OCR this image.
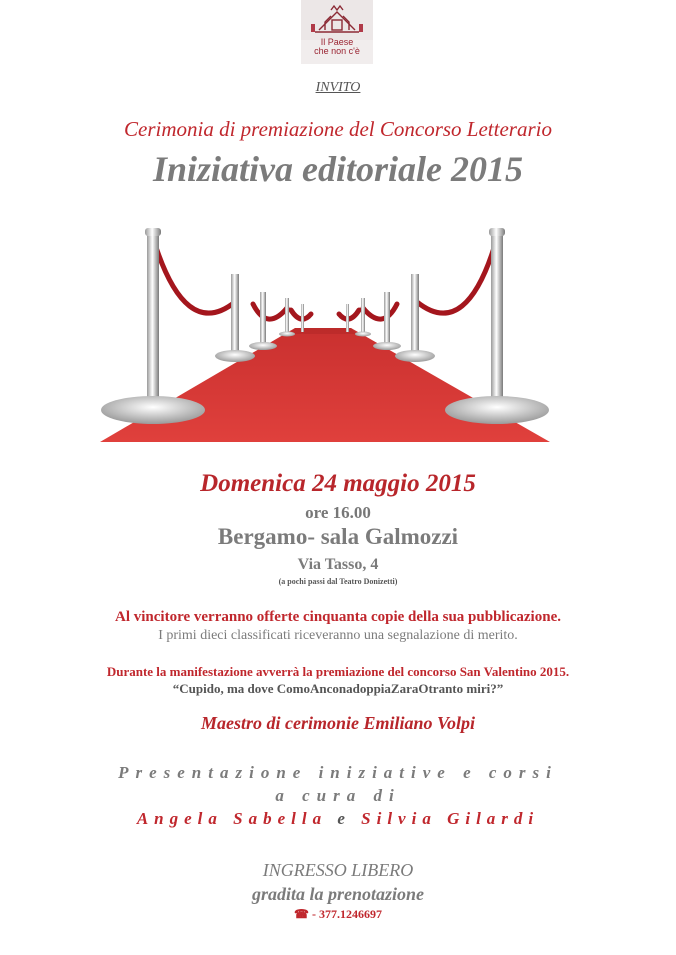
Il Paese
che non c'è
INVITO
Cerimonia di premiazione del Concorso Letterario
Iniziativa editoriale 2015
Domenica 24 maggio 2015
ore 16.00
Bergamo- sala Galmozzi
Via Tasso, 4
(a pochi passi dal Teatro Donizetti)
Al vincitore verranno offerte cinquanta copie della sua pubblicazione.
I primi dieci classificati riceveranno una segnalazione di merito.
Durante la manifestazione avverrà la premiazione del concorso San Valentino 2015.
“Cupido, ma dove ComoAnconadoppiaZaraOtranto miri?”
Maestro di cerimonie Emiliano Volpi
Presentazione iniziative e corsi
a cura di
Angela Sabella e Silvia Gilardi
INGRESSO LIBERO
gradita la prenotazione
☎ - 377.1246697
